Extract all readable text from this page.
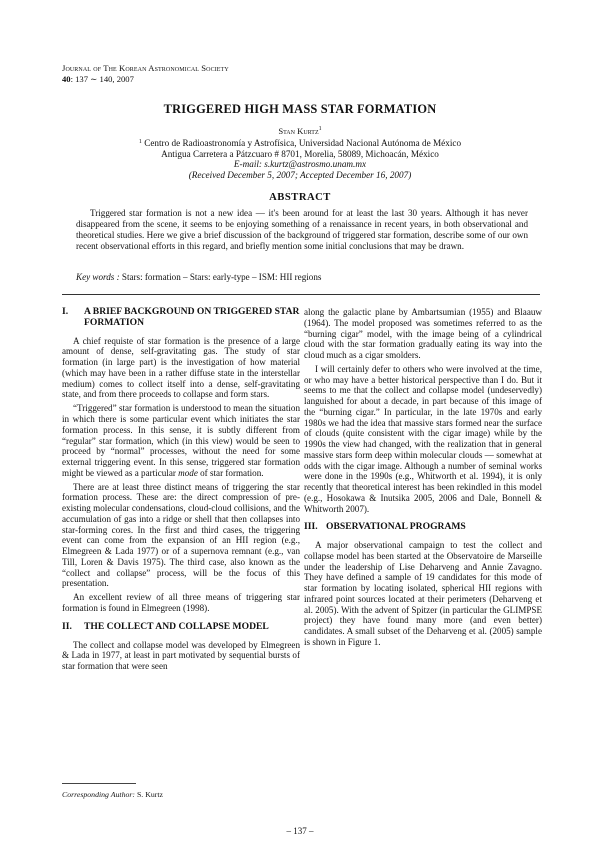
Journal of The Korean Astronomical Society
40: 137 ∼ 140, 2007
TRIGGERED HIGH MASS STAR FORMATION
Stan Kurtz$^1$
$^1$ Centro de Radioastronomía y Astrofísica, Universidad Nacional Autónoma de México
Antigua Carretera a Pátzcuaro # 8701, Morelia, 58089, Michoacán, México
E-mail: s.kurtz@astrosmo.unam.mx
(Received December 5, 2007; Accepted December 16, 2007)
ABSTRACT

Triggered star formation is not a new idea — it's been around for at least the last 30 years. Although it has never disappeared from the scene, it seems to be enjoying something of a renaissance in recent years, in both observational and theoretical studies. Here we give a brief discussion of the background of triggered star formation, describe some of our own recent observational efforts in this regard, and briefly mention some initial conclusions that may be drawn.

Key words : Stars: formation – Stars: early-type – ISM: HII regions

I.	A BRIEF BACKGROUND ON TRIGGERED STAR FORMATION

A chief requiste of star formation is the presence of a large amount of dense, self-gravitating gas. The study of star formation (in large part) is the investigation of how material (which may have been in a rather diffuse state in the interstellar medium) comes to collect itself into a dense, self-gravitating state, and from there proceeds to collapse and form stars.

“Triggered” star formation is understood to mean the situation in which there is some particular event which initiates the star formation process. In this sense, it is subtly different from “regular” star formation, which (in this view) would be seen to proceed by “normal” processes, without the need for some external triggering event. In this sense, triggered star formation might be viewed as a particular mode of star formation.

There are at least three distinct means of triggering the star formation process. These are: the direct compression of pre-existing molecular condensations, cloud-cloud collisions, and the accumulation of gas into a ridge or shell that then collapses into star-forming cores. In the first and third cases, the triggering event can come from the expansion of an HII region (e.g., Elmegreen & Lada 1977) or of a supernova remnant (e.g., van Till, Loren & Davis 1975). The third case, also known as the “collect and collapse” process, will be the focus of this presentation.

An excellent review of all three means of triggering star formation is found in Elmegreen (1998).

II.	THE COLLECT AND COLLAPSE MODEL

The collect and collapse model was developed by Elmegreen & Lada in 1977, at least in part motivated by sequential bursts of star formation that were seen

along the galactic plane by Ambartsumian (1955) and Blaauw (1964). The model proposed was sometimes referred to as the “burning cigar” model, with the image being of a cylindrical cloud with the star formation gradually eating its way into the cloud much as a cigar smolders.

I will certainly defer to others who were involved at the time, or who may have a better historical perspective than I do. But it seems to me that the collect and collapse model (undeservedly) languished for about a decade, in part because of this image of the “burning cigar.” In particular, in the late 1970s and early 1980s we had the idea that massive stars formed near the surface of clouds (quite consistent with the cigar image) while by the 1990s the view had changed, with the realization that in general massive stars form deep within molecular clouds — somewhat at odds with the cigar image. Although a number of seminal works were done in the 1990s (e.g., Whitworth et al. 1994), it is only recently that theoretical interest has been rekindled in this model (e.g., Hosokawa & Inutsika 2005, 2006 and Dale, Bonnell & Whitworth 2007).

III. OBSERVATIONAL PROGRAMS

A major observational campaign to test the collect and collapse model has been started at the Observatoire de Marseille under the leadership of Lise Deharveng and Annie Zavagno. They have defined a sample of 19 candidates for this mode of star formation by locating isolated, spherical HII regions with infrared point sources located at their perimeters (Deharveng et al. 2005). With the advent of Spitzer (in particular the GLIMPSE project) they have found many more (and even better) candidates. A small subset of the Deharveng et al. (2005) sample is shown in Figure 1.

Corresponding Author: S. Kurtz
– 137 –
